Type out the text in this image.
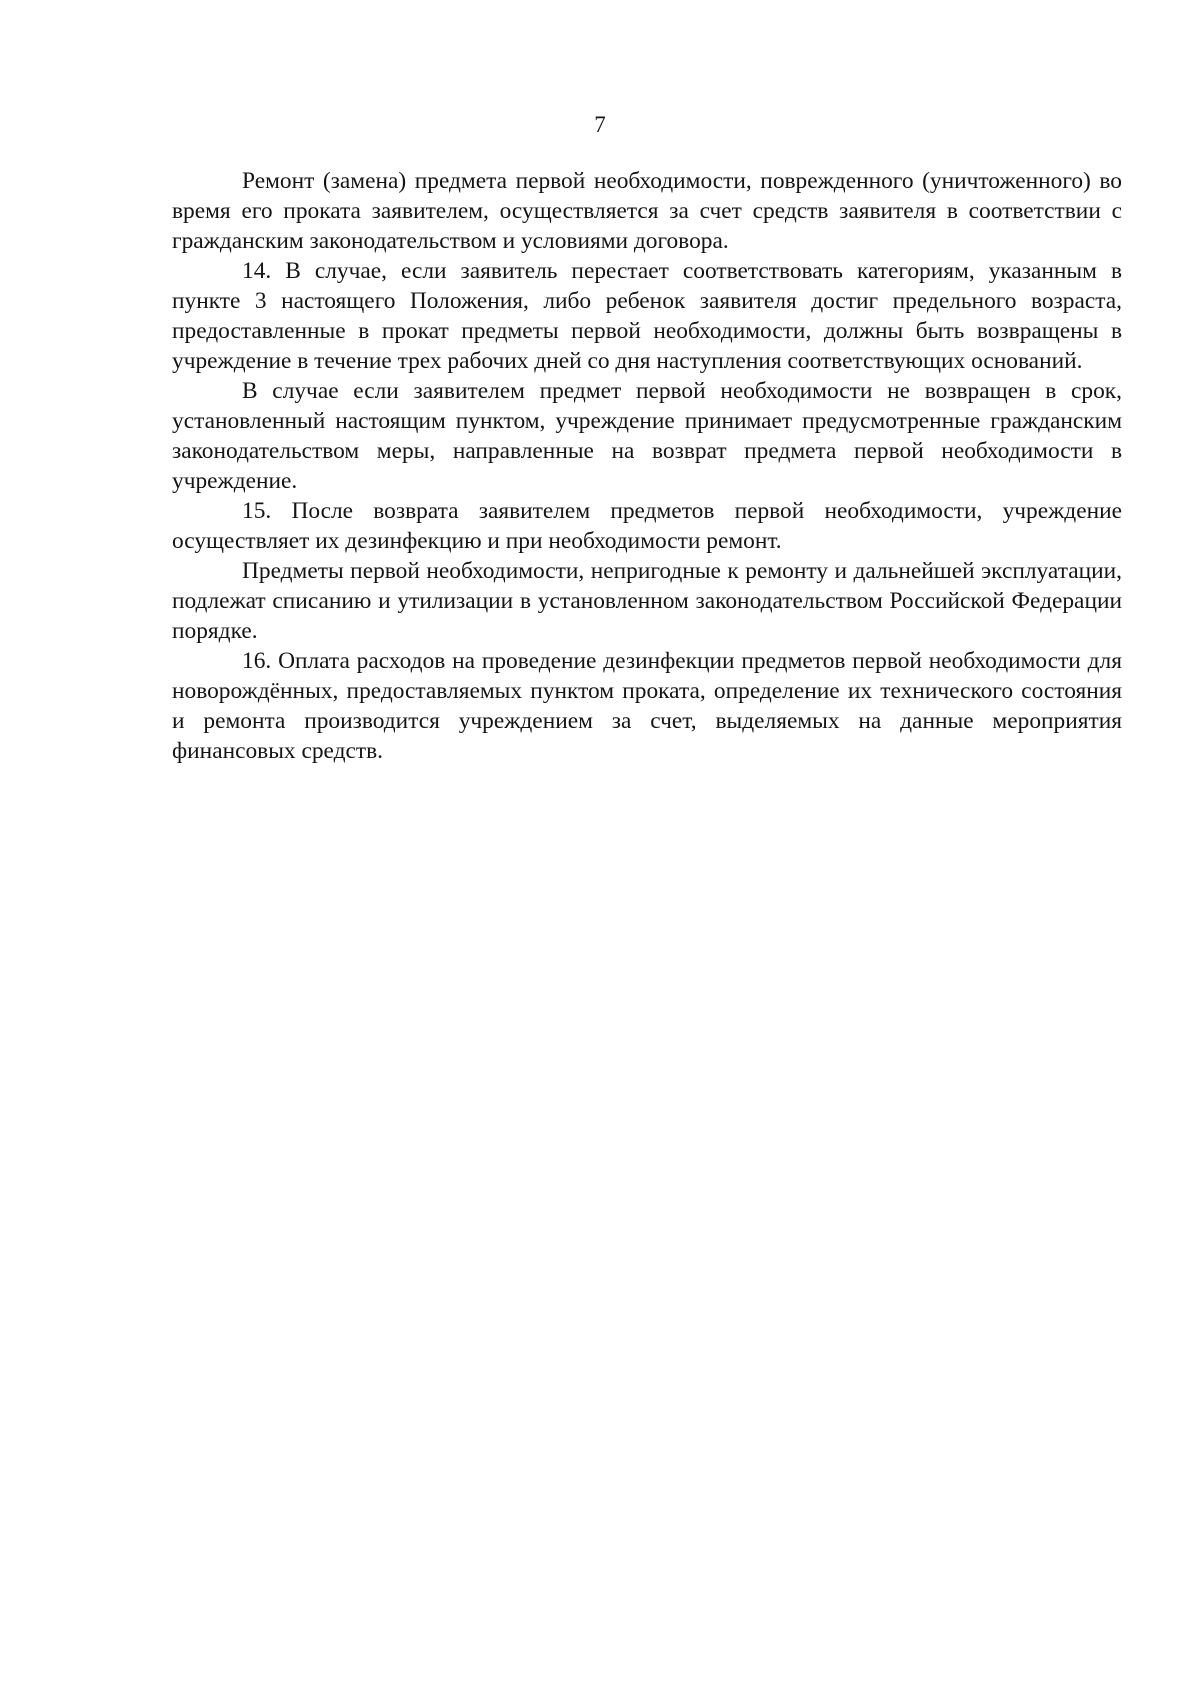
7

Ремонт (замена) предмета первой необходимости, поврежденного (уничтоженного) во время его проката заявителем, осуществляется за счет средств заявителя в соответствии с гражданским законодательством и условиями договора.

14. В случае, если заявитель перестает соответствовать категориям, указанным в пункте 3 настоящего Положения, либо ребенок заявителя достиг предельного возраста, предоставленные в прокат предметы первой необходимости, должны быть возвращены в учреждение в течение трех рабочих дней со дня наступления соответствующих оснований.

В случае если заявителем предмет первой необходимости не возвращен в срок, установленный настоящим пунктом, учреждение принимает предусмотренные гражданским законодательством меры, направленные на возврат предмета первой необходимости в учреждение.

15. После возврата заявителем предметов первой необходимости, учреждение осуществляет их дезинфекцию и при необходимости ремонт.

Предметы первой необходимости, непригодные к ремонту и дальнейшей эксплуатации, подлежат списанию и утилизации в установленном законодательством Российской Федерации порядке.

16. Оплата расходов на проведение дезинфекции предметов первой необходимости для новорождённых, предоставляемых пунктом проката, определение их технического состояния и ремонта производится учреждением за счет, выделяемых на данные мероприятия финансовых средств.
